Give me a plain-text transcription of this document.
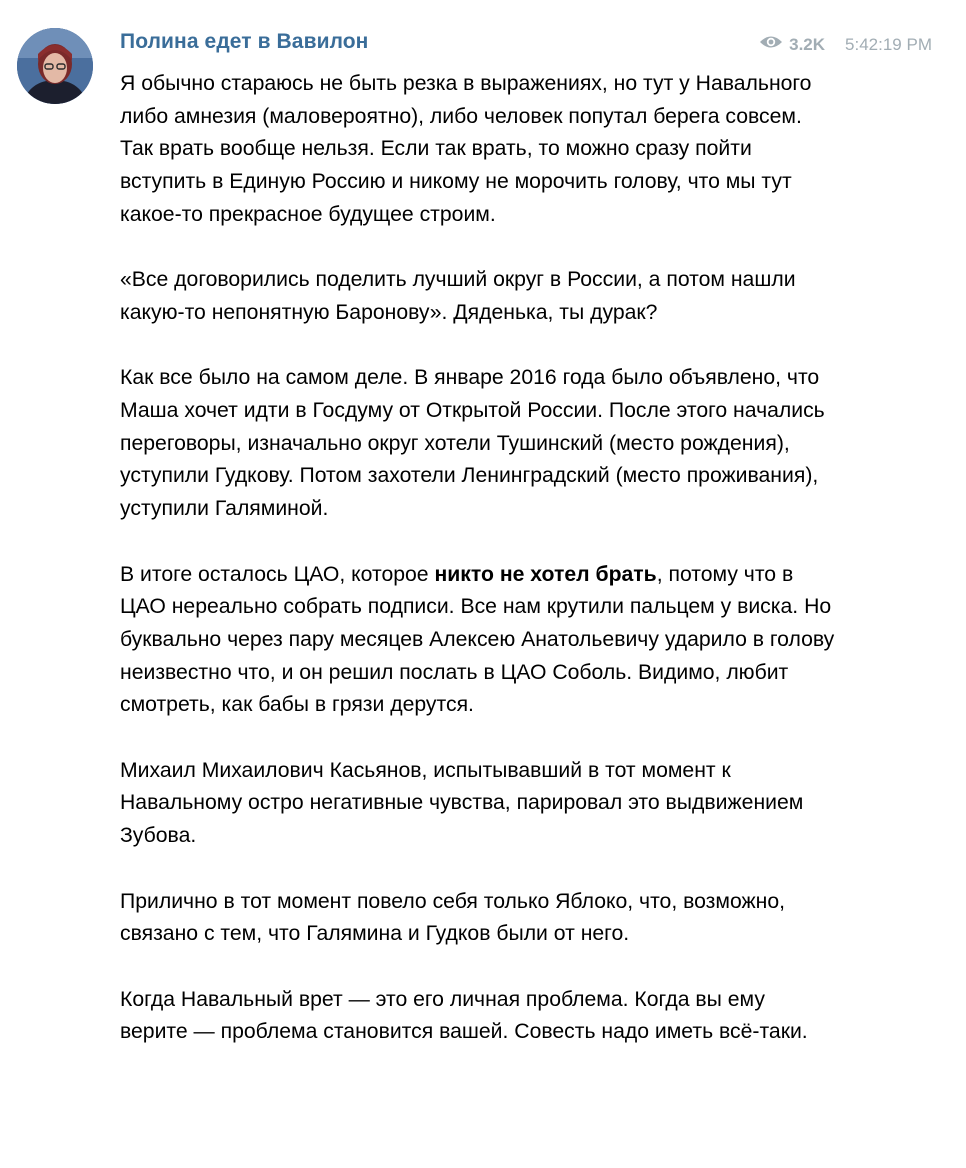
Полина едет в Вавилон	3.2K 5:42:19 PM

Я обычно стараюсь не быть резка в выражениях, но тут у Навального либо амнезия (маловероятно), либо человек попутал берега совсем. Так врать вообще нельзя. Если так врать, то можно сразу пойти вступить в Единую Россию и никому не морочить голову, что мы тут какое-то прекрасное будущее строим.

«Все договорились поделить лучший округ в России, а потом нашли какую-то непонятную Баронову». Дяденька, ты дурак?

Как все было на самом деле. В январе 2016 года было объявлено, что Маша хочет идти в Госдуму от Открытой России. После этого начались переговоры, изначально округ хотели Тушинский (место рождения), уступили Гудкову. Потом захотели Ленинградский (место проживания), уступили Галяминой.

В итоге осталось ЦАО, которое никто не хотел брать, потому что в ЦАО нереально собрать подписи. Все нам крутили пальцем у виска. Но буквально через пару месяцев Алексею Анатольевичу ударило в голову неизвестно что, и он решил послать в ЦАО Соболь. Видимо, любит смотреть, как бабы в грязи дерутся.

Михаил Михаилович Касьянов, испытывавший в тот момент к Навальному остро негативные чувства, парировал это выдвижением Зубова.

Прилично в тот момент повело себя только Яблоко, что, возможно, связано с тем, что Галямина и Гудков были от него.

Когда Навальный врет — это его личная проблема. Когда вы ему верите — проблема становится вашей. Совесть надо иметь всё-таки.
